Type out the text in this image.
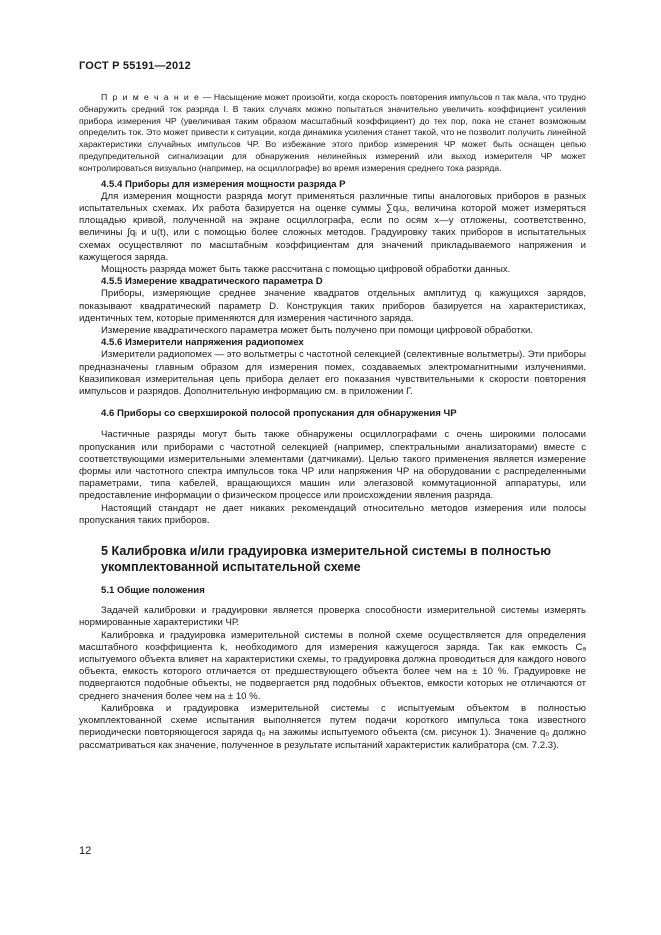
ГОСТ Р 55191—2012

П р и м е ч а н и е — Насыщение может произойти, когда скорость повторения импульсов n так мала, что трудно обнаружить средний ток разряда I. В таких случаях можно попытаться значительно увеличить коэффициент усиления прибора измерения ЧР (увеличивая таким образом масштабный коэффициент) до тех пор, пока не станет возможным определить ток. Это может привести к ситуации, когда динамика усиления станет такой, что не позволит получить линейной характеристики случайных импульсов ЧР. Во избежание этого прибор измерения ЧР может быть оснащен цепью предупредительной сигнализации для обнаружения нелинейных измерений или выход измерителя ЧР может контролироваться визуально (например, на осциллографе) во время измерения среднего тока разряда.

4.5.4 Приборы для измерения мощности разряда P

Для измерения мощности разряда могут применяться различные типы аналоговых приборов в разных испытательных схемах. Их работа базируется на оценке суммы ∑qᵢuᵢ, величина которой может измеряться площадью кривой, полученной на экране осциллографа, если по осям x—y отложены, соответственно, величины ∫qᵢ и u(t), или с помощью более сложных методов. Градуировку таких приборов в испытательных схемах осуществляют по масштабным коэффициентам для значений прикладываемого напряжения и кажущегося заряда.

Мощность разряда может быть также рассчитана с помощью цифровой обработки данных.

4.5.5 Измерение квадратического параметра D

Приборы, измеряющие среднее значение квадратов отдельных амплитуд qᵢ кажущихся зарядов, показывают квадратический параметр D. Конструкция таких приборов базируется на характеристиках, идентичных тем, которые применяются для измерения частичного заряда.

Измерение квадратического параметра может быть получено при помощи цифровой обработки.

4.5.6 Измерители напряжения радиопомех

Измерители радиопомех — это вольтметры с частотной селекцией (селективные вольтметры). Эти приборы предназначены главным образом для измерения помех, создаваемых электромагнитными излучениями. Квазипиковая измерительная цепь прибора делает его показания чувствительными к скорости повторения импульсов и разрядов. Дополнительную информацию см. в приложении Г.

4.6 Приборы со сверхширокой полосой пропускания для обнаружения ЧР

Частичные разряды могут быть также обнаружены осциллографами с очень широкими полосами пропускания или приборами с частотной селекцией (например, спектральными анализаторами) вместе с соответствующими измерительными элементами (датчиками). Целью такого применения является измерение формы или частотного спектра импульсов тока ЧР или напряжения ЧР на оборудовании с распределенными параметрами, типа кабелей, вращающихся машин или элегазовой коммутационной аппаратуры, или предоставление информации о физическом процессе или происхождении явления разряда.

Настоящий стандарт не дает никаких рекомендаций относительно методов измерения или полосы пропускания таких приборов.

5 Калибровка и/или градуировка измерительной системы в полностью укомплектованной испытательной схеме

5.1 Общие положения

Задачей калибровки и градуировки является проверка способности измерительной системы измерять нормированные характеристики ЧР.

Калибровка и градуировка измерительной системы в полной схеме осуществляется для определения масштабного коэффициента k, необходимого для измерения кажущегося заряда. Так как емкость Cₐ испытуемого объекта влияет на характеристики схемы, то градуировка должна проводиться для каждого нового объекта, емкость которого отличается от предшествующего объекта более чем на ± 10 %. Градуировке не подвергаются подобные объекты, не подвергается ряд подобных объектов, емкости которых не отличаются от среднего значения более чем на ± 10 %.

Калибровка и градуировка измерительной системы с испытуемым объектом в полностью укомплектованной схеме испытания выполняется путем подачи короткого импульса тока известного периодически повторяющегося заряда q₀ на зажимы испытуемого объекта (см. рисунок 1). Значение q₀ должно рассматриваться как значение, полученное в результате испытаний характеристик калибратора (см. 7.2.3).

12
